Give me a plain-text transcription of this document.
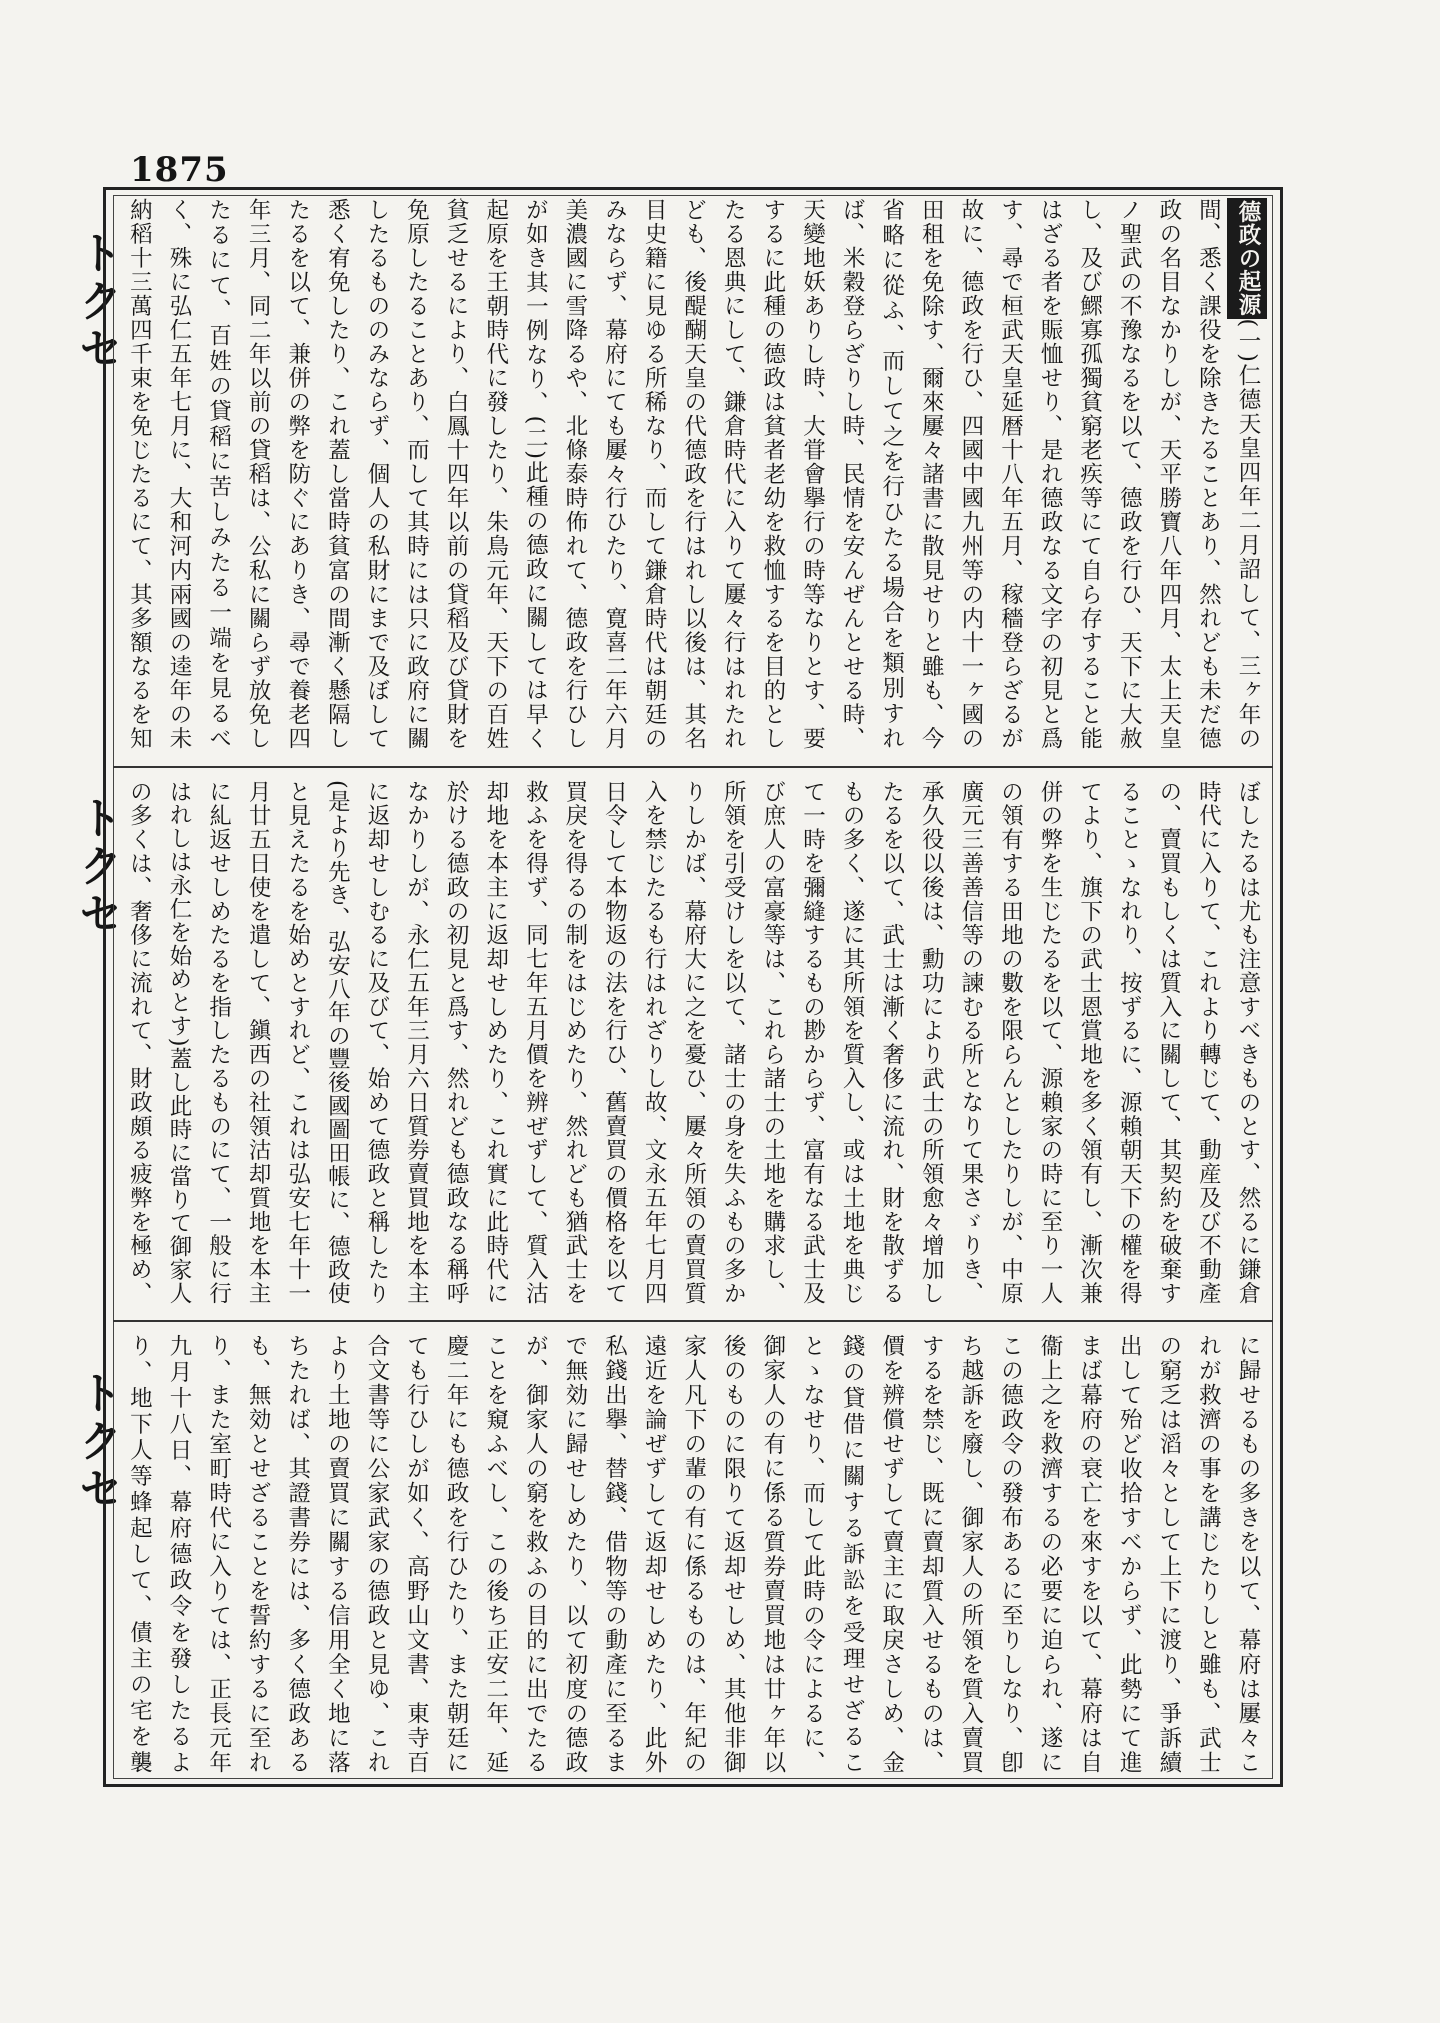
1875
トクセ
トクセ
トクセ
德政の起源(一)仁德天皇四年二月詔して、三ヶ年の間、悉く課役を除きたることあり、然れども未だ德政の名目なかりしが、天平勝寶八年四月、太上天皇ノ聖武の不豫なるを以て、德政を行ひ、天下に大赦し、及び鰥寡孤獨貧窮老疾等にて自ら存すること能はざる者を賑恤せり、是れ德政なる文字の初見と爲す、尋で桓武天皇延暦十八年五月、稼穡登らざるが故に、德政を行ひ、四國中國九州等の内十一ヶ國の田租を免除す、爾來屢々諸書に散見せりと雖も、今省略に從ふ、而して之を行ひたる場合を類別すれば、米穀登らざりし時、民情を安んぜんとせる時、天變地妖ありし時、大甞會擧行の時等なりとす、要するに此種の德政は貧者老幼を救恤するを目的としたる恩典にして、鎌倉時代に入りて屢々行はれたれども、後醍醐天皇の代德政を行はれし以後は、其名目史籍に見ゆる所稀なり、而して鎌倉時代は朝廷のみならず、幕府にても屢々行ひたり、寛喜二年六月美濃國に雪降るや、北條泰時佈れて、德政を行ひしが如き其一例なり、(二)此種の德政に關しては早く起原を王朝時代に發したり、朱鳥元年、天下の百姓貧乏せるにより、白鳳十四年以前の貸稻及び貸財を免原したることあり、而して其時には只に政府に關したるもののみならず、個人の私財にまで及ぼして悉く宥免したり、これ蓋し當時貧富の間漸く懸隔したるを以て、兼併の弊を防ぐにありき、尋で養老四年三月、同二年以前の貸稻は、公私に關らず放免したるにて、百姓の貸稻に苦しみたる一端を見るべく、殊に弘仁五年七月に、大和河内兩國の逵年の未納稻十三萬四千束を免じたるにて、其多額なるを知
ぼしたるは尤も注意すべきものとす、然るに鎌倉時代に入りて、これより轉じて、動産及び不動產の、賣買もしくは質入に關して、其契約を破棄することゝなれり、按ずるに、源賴朝天下の權を得てより、旗下の武士恩賞地を多く領有し、漸次兼併の弊を生じたるを以て、源賴家の時に至り一人の領有する田地の數を限らんとしたりしが、中原廣元三善善信等の諫むる所となりて果さゞりき、承久役以後は、勳功により武士の所領愈々增加したるを以て、武士は漸く奢侈に流れ、財を散ずるもの多く、遂に其所領を質入し、或は土地を典じて一時を彌縫するもの尠からず、富有なる武士及び庶人の富豪等は、これら諸士の土地を購求し、所領を引受けしを以て、諸士の身を失ふもの多かりしかば、幕府大に之を憂ひ、屢々所領の賣買質入を禁じたるも行はれざりし故、文永五年七月四日令して本物返の法を行ひ、舊賣買の價格を以て買戾を得るの制をはじめたり、然れども猶武士を救ふを得ず、同七年五月價を辨ぜずして、質入沽却地を本主に返却せしめたり、これ實に此時代に於ける德政の初見と爲す、然れども德政なる稱呼なかりしが、永仁五年三月六日質券賣買地を本主に返却せしむるに及びて、始めて德政と稱したり(是より先き、弘安八年の豐後國圖田帳に、德政使と見えたるを始めとすれど、これは弘安七年十一月廿五日使を遣して、鎭西の社領沽却質地を本主に糺返せしめたるを指したるものにて、一般に行はれしは永仁を始めとす)蓋し此時に當りて御家人の多くは、奢侈に流れて、財政頗る疲弊を極め、
に歸せるもの多きを以て、幕府は屢々これが救濟の事を講じたりしと雖も、武士の窮乏は滔々として上下に渡り、爭訴續出して殆ど收拾すべからず、此勢にて進まば幕府の衰亡を來すを以て、幕府は自衞上之を救濟するの必要に迫られ、遂にこの德政令の發布あるに至りしなり、卽ち越訴を廢し、御家人の所領を質入賣買するを禁じ、既に賣却質入せるものは、價を辨償せずして賣主に取戾さしめ、金錢の貸借に關する訴訟を受理せざることゝなせり、而して此時の令によるに、御家人の有に係る質券賣買地は廿ヶ年以後のものに限りて返却せしめ、其他非御家人凡下の輩の有に係るものは、年紀の遠近を論ぜずして返却せしめたり、此外私錢出擧、替錢、借物等の動產に至るまで無効に歸せしめたり、以て初度の德政が、御家人の窮を救ふの目的に出でたることを窺ふべし、この後ち正安二年、延慶二年にも德政を行ひたり、また朝廷にても行ひしが如く、高野山文書、東寺百合文書等に公家武家の德政と見ゆ、これより土地の賣買に關する信用全く地に落ちたれば、其證書券には、多く德政あるも、無効とせざることを誓約するに至れり、また室町時代に入りては、正長元年九月十八日、幕府德政令を發したるより、地下人等蜂起して、債主の宅を襲
